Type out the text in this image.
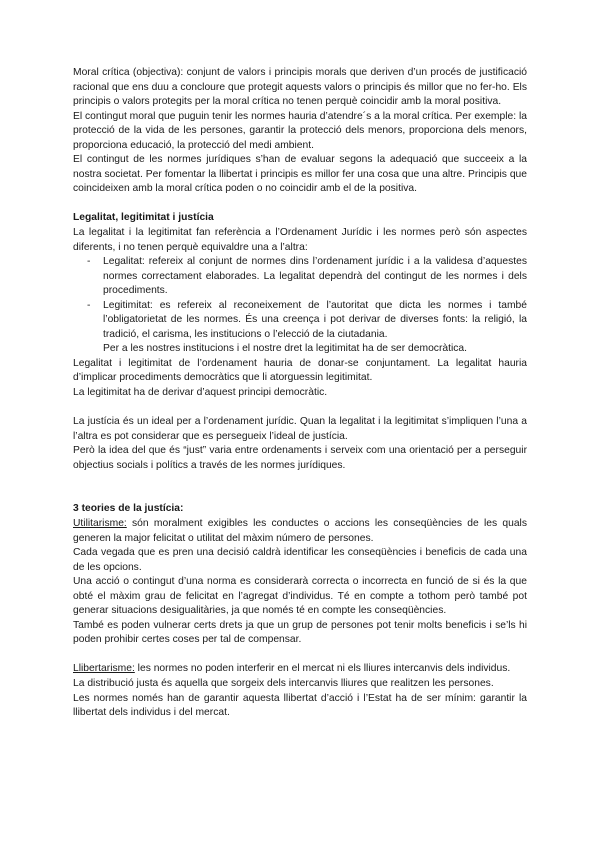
Moral crítica (objectiva): conjunt de valors i principis morals que deriven d’un procés de justificació racional que ens duu a concloure que protegit aquests valors o principis és millor que no fer-ho. Els principis o valors protegits per la moral crítica no tenen perquè coincidir amb la moral positiva.

El contingut moral que puguin tenir les normes hauria d’atendre´s a la moral crítica. Per exemple: la protecció de la vida de les persones, garantir la protecció dels menors, proporciona dels menors, proporciona educació, la protecció del medi ambient.

El contingut de les normes jurídiques s’han de evaluar segons la adequació que succeeix a la nostra societat. Per fomentar la llibertat i principis es millor fer una cosa que una altre. Principis que coincideixen amb la moral crítica poden o no coincidir amb el de la positiva.

Legalitat, legitimitat i justícia

La legalitat i la legitimitat fan referència a l’Ordenament Jurídic i les normes però són aspectes diferents, i no tenen perquè equivaldre una a l’altra:

- Legalitat: refereix al conjunt de normes dins l’ordenament jurídic i a la validesa d’aquestes normes correctament elaborades. La legalitat dependrà del contingut de les normes i dels procediments.
- Legitimitat: es refereix al reconeixement de l’autoritat que dicta les normes i també l’obligatorietat de les normes. És una creença i pot derivar de diverses fonts: la religió, la tradició, el carisma, les institucions o l’elecció de la ciutadania.

Per a les nostres institucions i el nostre dret la legitimitat ha de ser democràtica.

Legalitat i legitimitat de l’ordenament hauria de donar-se conjuntament. La legalitat hauria d’implicar procediments democràtics que li atorguessin legitimitat.

La legitimitat ha de derivar d’aquest principi democràtic.

La justícia és un ideal per a l’ordenament jurídic. Quan la legalitat i la legitimitat s’impliquen l’una a l’altra es pot considerar que es persegueix l’ideal de justícia.

Però la idea del que és “just” varia entre ordenaments i serveix com una orientació per a perseguir objectius socials i polítics a través de les normes jurídiques.

3 teories de la justícia:

Utilitarisme: són moralment exigibles les conductes o accions les conseqüències de les quals generen la major felicitat o utilitat del màxim número de persones.

Cada vegada que es pren una decisió caldrà identificar les conseqüències i beneficis de cada una de les opcions.

Una acció o contingut d’una norma es considerarà correcta o incorrecta en funció de si és la que obté el màxim grau de felicitat en l’agregat d’individus. Té en compte a tothom però també pot generar situacions desigualitàries, ja que només té en compte les conseqüències.

També es poden vulnerar certs drets ja que un grup de persones pot tenir molts beneficis i se’ls hi poden prohibir certes coses per tal de compensar.

Llibertarisme: les normes no poden interferir en el mercat ni els lliures intercanvis dels individus.

La distribució justa és aquella que sorgeix dels intercanvis lliures que realitzen les persones.

Les normes només han de garantir aquesta llibertat d’acció i l’Estat ha de ser mínim: garantir la llibertat dels individus i del mercat.
